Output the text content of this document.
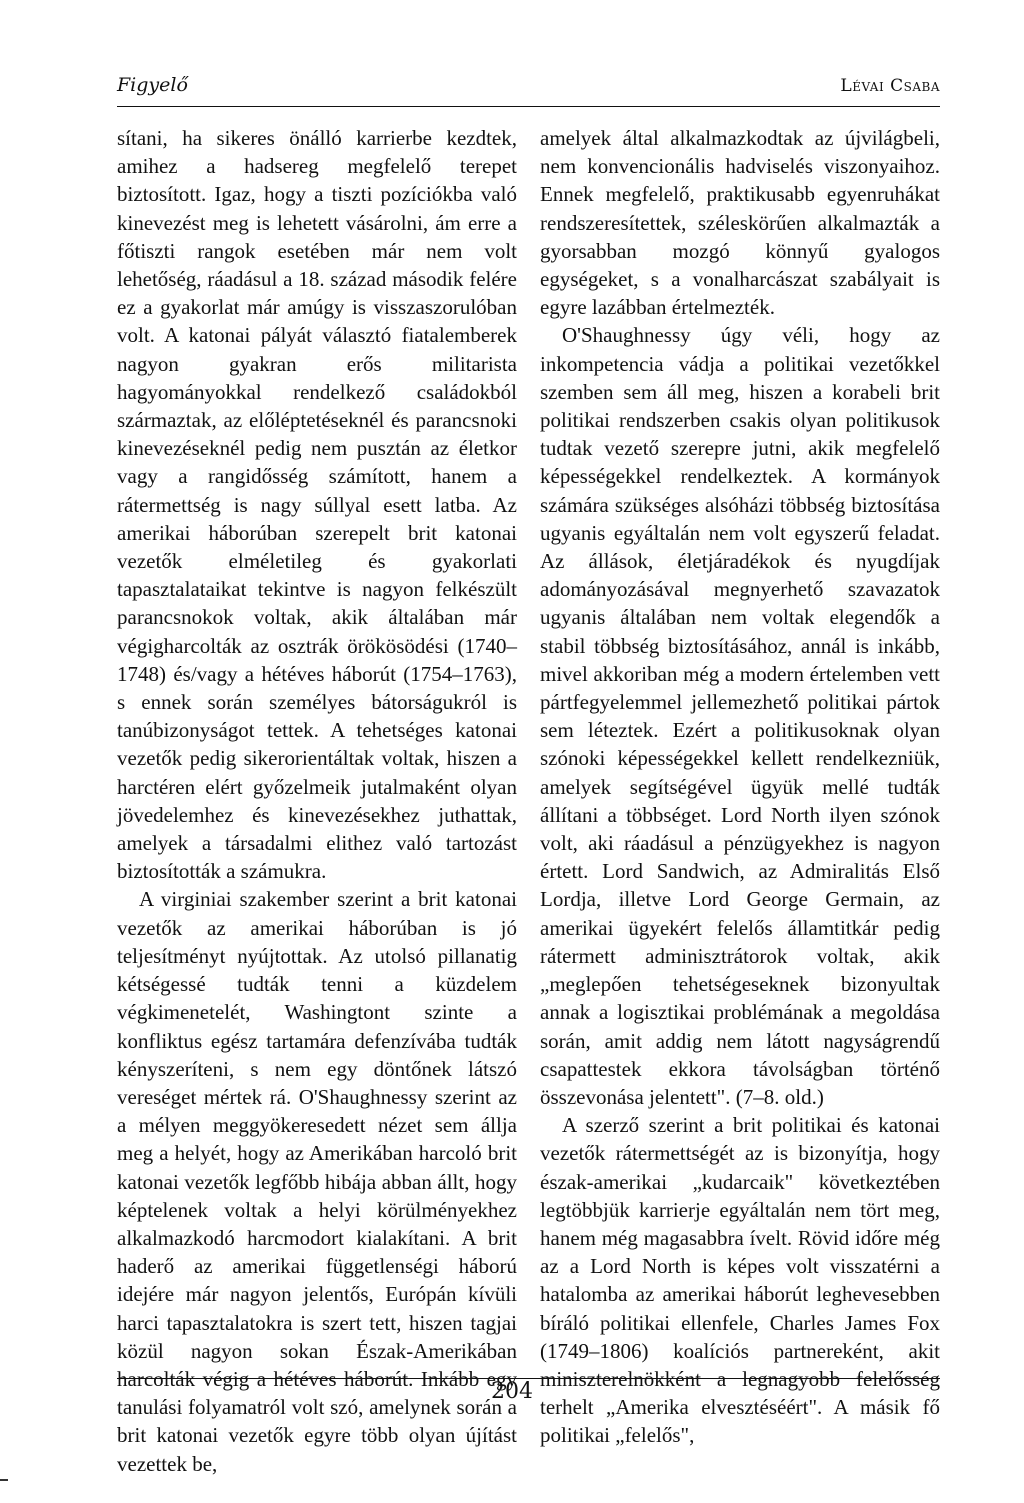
Figyelő	Lévai Csaba

sítani, ha sikeres önálló karrierbe kezdtek, amihez a hadsereg megfelelő terepet biztosított. Igaz, hogy a tiszti pozíciókba való kinevezést meg is lehetett vásárolni, ám erre a főtiszti rangok esetében már nem volt lehetőség, ráadásul a 18. század második felére ez a gyakorlat már amúgy is visszaszorulóban volt. A katonai pályát választó fiatalemberek nagyon gyakran erős militarista hagyományokkal rendelkező családokból származtak, az előléptetéseknél és parancsnoki kinevezéseknél pedig nem pusztán az életkor vagy a rangidősség számított, hanem a rátermettség is nagy súllyal esett latba. Az amerikai háborúban szerepelt brit katonai vezetők elméletileg és gyakorlati tapasztalataikat tekintve is nagyon felkészült parancsnokok voltak, akik általában már végigharcolták az osztrák örökösödési (1740–1748) és/vagy a hétéves háborút (1754–1763), s ennek során személyes bátorságukról is tanúbizonyságot tettek. A tehetséges katonai vezetők pedig sikerorientáltak voltak, hiszen a harctéren elért győzelmeik jutalmaként olyan jövedelemhez és kinevezésekhez juthattak, amelyek a társadalmi elithez való tartozást biztosították a számukra.

A virginiai szakember szerint a brit katonai vezetők az amerikai háborúban is jó teljesítményt nyújtottak. Az utolsó pillanatig kétségessé tudták tenni a küzdelem végkimenetelét, Washingtont szinte a konfliktus egész tartamára defenzívába tudták kényszeríteni, s nem egy döntőnek látszó vereséget mértek rá. O'Shaughnessy szerint az a mélyen meggyökeresedett nézet sem állja meg a helyét, hogy az Amerikában harcoló brit katonai vezetők legfőbb hibája abban állt, hogy képtelenek voltak a helyi körülményekhez alkalmazkodó harcmodort kialakítani. A brit haderő az amerikai függetlenségi háború idejére már nagyon jelentős, Európán kívüli harci tapasztalatokra is szert tett, hiszen tagjai közül nagyon sokan Észak-Amerikában harcolták végig a hétéves háborút. Inkább egy tanulási folyamatról volt szó, amelynek során a brit katonai vezetők egyre több olyan újítást vezettek be,

amelyek által alkalmazkodtak az újvilágbeli, nem konvencionális hadviselés viszonyaihoz. Ennek megfelelő, praktikusabb egyenruhákat rendszeresítettek, széleskörűen alkalmazták a gyorsabban mozgó könnyű gyalogos egységeket, s a vonalharcászat szabályait is egyre lazábban értelmezték.

O'Shaughnessy úgy véli, hogy az inkompetencia vádja a politikai vezetőkkel szemben sem áll meg, hiszen a korabeli brit politikai rendszerben csakis olyan politikusok tudtak vezető szerepre jutni, akik megfelelő képességekkel rendelkeztek. A kormányok számára szükséges alsóházi többség biztosítása ugyanis egyáltalán nem volt egyszerű feladat. Az állások, életjáradékok és nyugdíjak adományozásával megnyerhető szavazatok ugyanis általában nem voltak elegendők a stabil többség biztosításához, annál is inkább, mivel akkoriban még a modern értelemben vett pártfegyelemmel jellemezhető politikai pártok sem léteztek. Ezért a politikusoknak olyan szónoki képességekkel kellett rendelkezniük, amelyek segítségével ügyük mellé tudták állítani a többséget. Lord North ilyen szónok volt, aki ráadásul a pénzügyekhez is nagyon értett. Lord Sandwich, az Admiralitás Első Lordja, illetve Lord George Germain, az amerikai ügyekért felelős államtitkár pedig rátermett adminisztrátorok voltak, akik „meglepően tehetségeseknek bizonyultak annak a logisztikai problémának a megoldása során, amit addig nem látott nagyságrendű csapattestek ekkora távolságban történő összevonása jelentett". (7–8. old.)

A szerző szerint a brit politikai és katonai vezetők rátermettségét az is bizonyítja, hogy észak-amerikai „kudarcaik" következtében legtöbbjük karrierje egyáltalán nem tört meg, hanem még magasabbra ívelt. Rövid időre még az a Lord North is képes volt visszatérni a hatalomba az amerikai háborút leghevesebben bíráló politikai ellenfele, Charles James Fox (1749–1806) koalíciós partnereként, akit miniszterelnökként a legnagyobb felelősség terhelt „Amerika elvesztéséért". A másik fő politikai „felelős",

204
